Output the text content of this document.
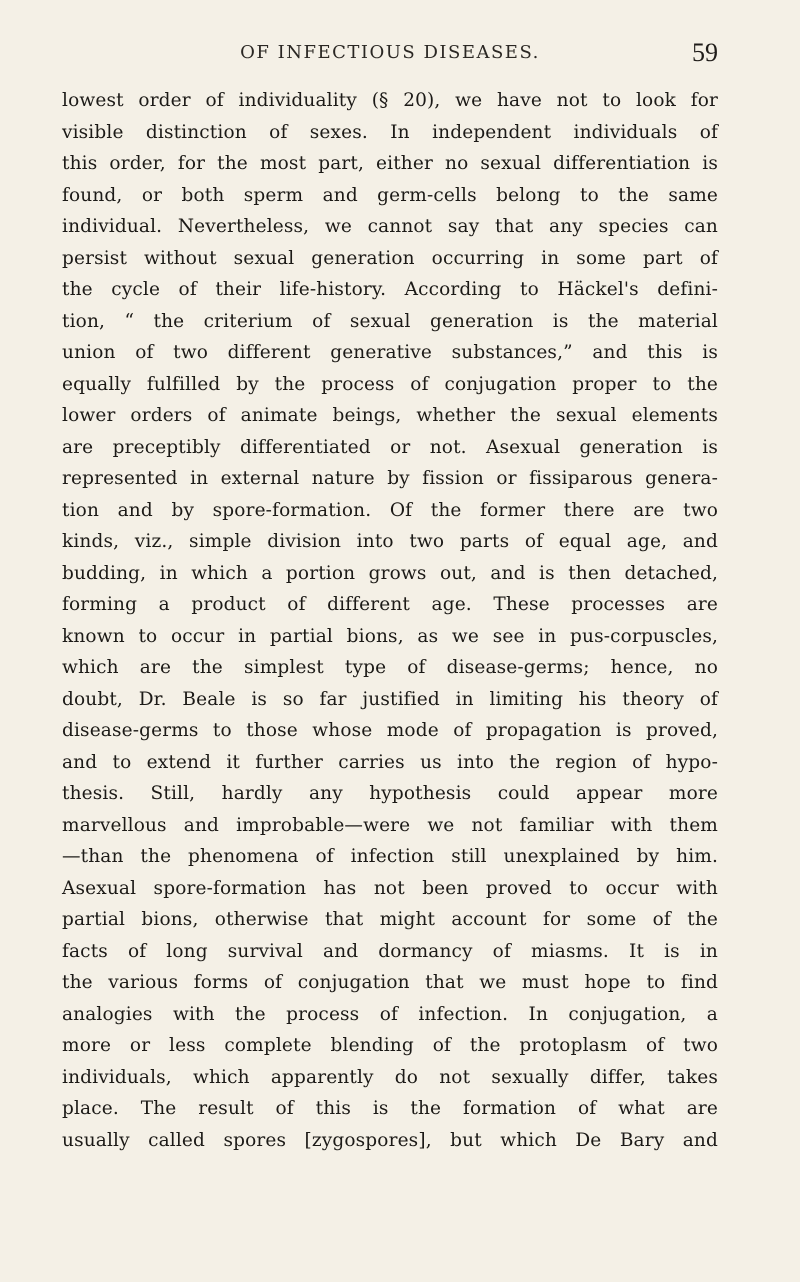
OF INFECTIOUS DISEASES.	59
lowest order of individuality (§ 20), we have not to look for
visible distinction of sexes. In independent individuals of
this order, for the most part, either no sexual differentiation is
found, or both sperm and germ-cells belong to the same
individual. Nevertheless, we cannot say that any species can
persist without sexual generation occurring in some part of
the cycle of their life-history. According to Häckel's defini-
tion, “ the criterium of sexual generation is the material
union of two different generative substances,” and this is
equally fulfilled by the process of conjugation proper to the
lower orders of animate beings, whether the sexual elements
are preceptibly differentiated or not. Asexual generation is
represented in external nature by fission or fissiparous genera-
tion and by spore-formation. Of the former there are two
kinds, viz., simple division into two parts of equal age, and
budding, in which a portion grows out, and is then detached,
forming a product of different age. These processes are
known to occur in partial bions, as we see in pus-corpuscles,
which are the simplest type of disease-germs; hence, no
doubt, Dr. Beale is so far justified in limiting his theory of
disease-germs to those whose mode of propagation is proved,
and to extend it further carries us into the region of hypo-
thesis. Still, hardly any hypothesis could appear more
marvellous and improbable—were we not familiar with them
—than the phenomena of infection still unexplained by him.
Asexual spore-formation has not been proved to occur with
partial bions, otherwise that might account for some of the
facts of long survival and dormancy of miasms. It is in
the various forms of conjugation that we must hope to find
analogies with the process of infection. In conjugation, a
more or less complete blending of the protoplasm of two
individuals, which apparently do not sexually differ, takes
place. The result of this is the formation of what are
usually called spores [zygospores], but which De Bary and
